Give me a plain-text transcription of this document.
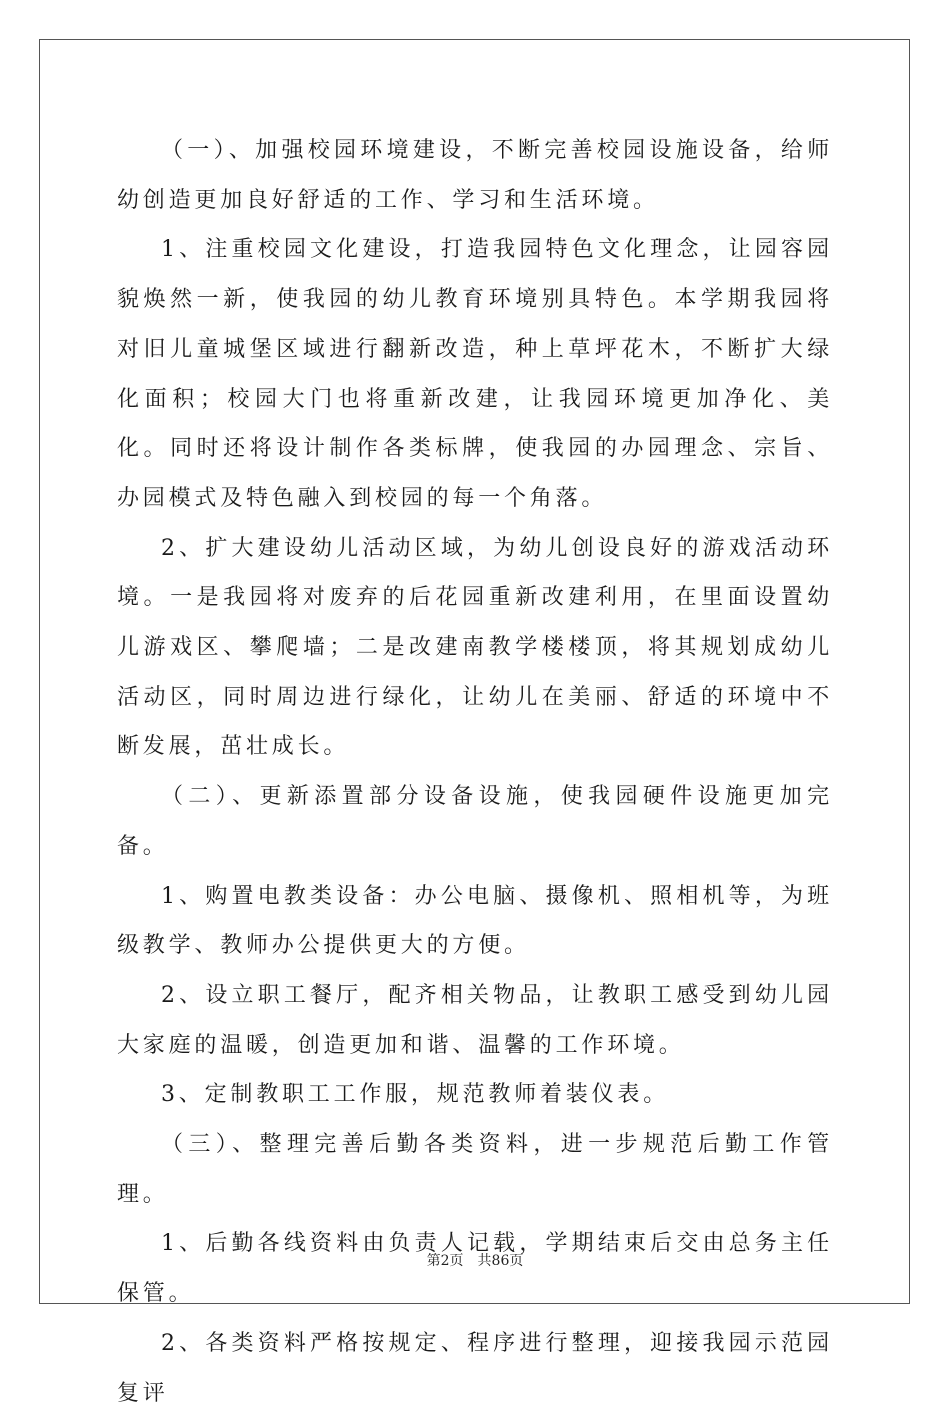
（一）、加强校园环境建设，不断完善校园设施设备，给师幼创造更加良好舒适的工作、学习和生活环境。

1、注重校园文化建设，打造我园特色文化理念，让园容园貌焕然一新，使我园的幼儿教育环境别具特色。本学期我园将对旧儿童城堡区域进行翻新改造，种上草坪花木，不断扩大绿化面积；校园大门也将重新改建，让我园环境更加净化、美化。同时还将设计制作各类标牌，使我园的办园理念、宗旨、办园模式及特色融入到校园的每一个角落。

2、扩大建设幼儿活动区域，为幼儿创设良好的游戏活动环境。一是我园将对废弃的后花园重新改建利用，在里面设置幼儿游戏区、攀爬墙；二是改建南教学楼楼顶，将其规划成幼儿活动区，同时周边进行绿化，让幼儿在美丽、舒适的环境中不断发展，茁壮成长。

（二）、更新添置部分设备设施，使我园硬件设施更加完备。

1、购置电教类设备：办公电脑、摄像机、照相机等，为班级教学、教师办公提供更大的方便。

2、设立职工餐厅，配齐相关物品，让教职工感受到幼儿园大家庭的温暖，创造更加和谐、温馨的工作环境。

3、定制教职工工作服，规范教师着装仪表。

（三）、整理完善后勤各类资料，进一步规范后勤工作管理。

1、后勤各线资料由负责人记载，学期结束后交由总务主任保管。

2、各类资料严格按规定、程序进行整理，迎接我园示范园复评

第2页 共86页
